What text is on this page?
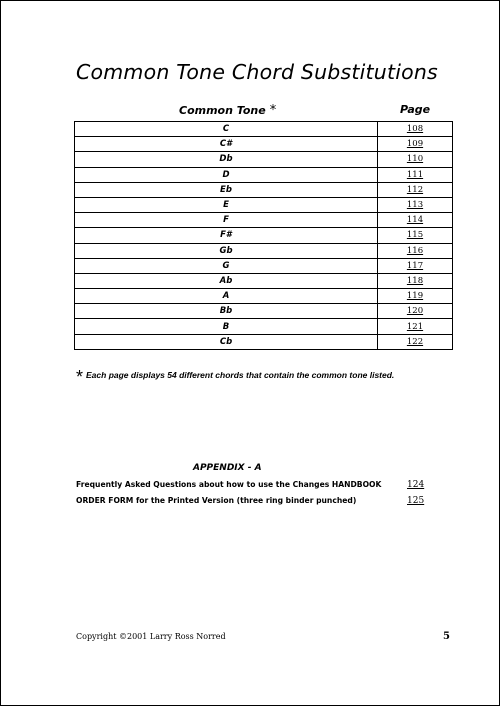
Common Tone Chord Substitutions
Common Tone *	Page
C	108
C#	109
Db	110
D	111
Eb	112
E	113
F	114
F#	115
Gb	116
G	117
Ab	118
A	119
Bb	120
B	121
Cb	122
* Each page displays 54 different chords that contain the common tone listed.
APPENDIX - A
Frequently Asked Questions about how to use the Changes HANDBOOK	124
ORDER FORM for the Printed Version (three ring binder punched)	125
Copyright ©2001 Larry Ross Norred	5
